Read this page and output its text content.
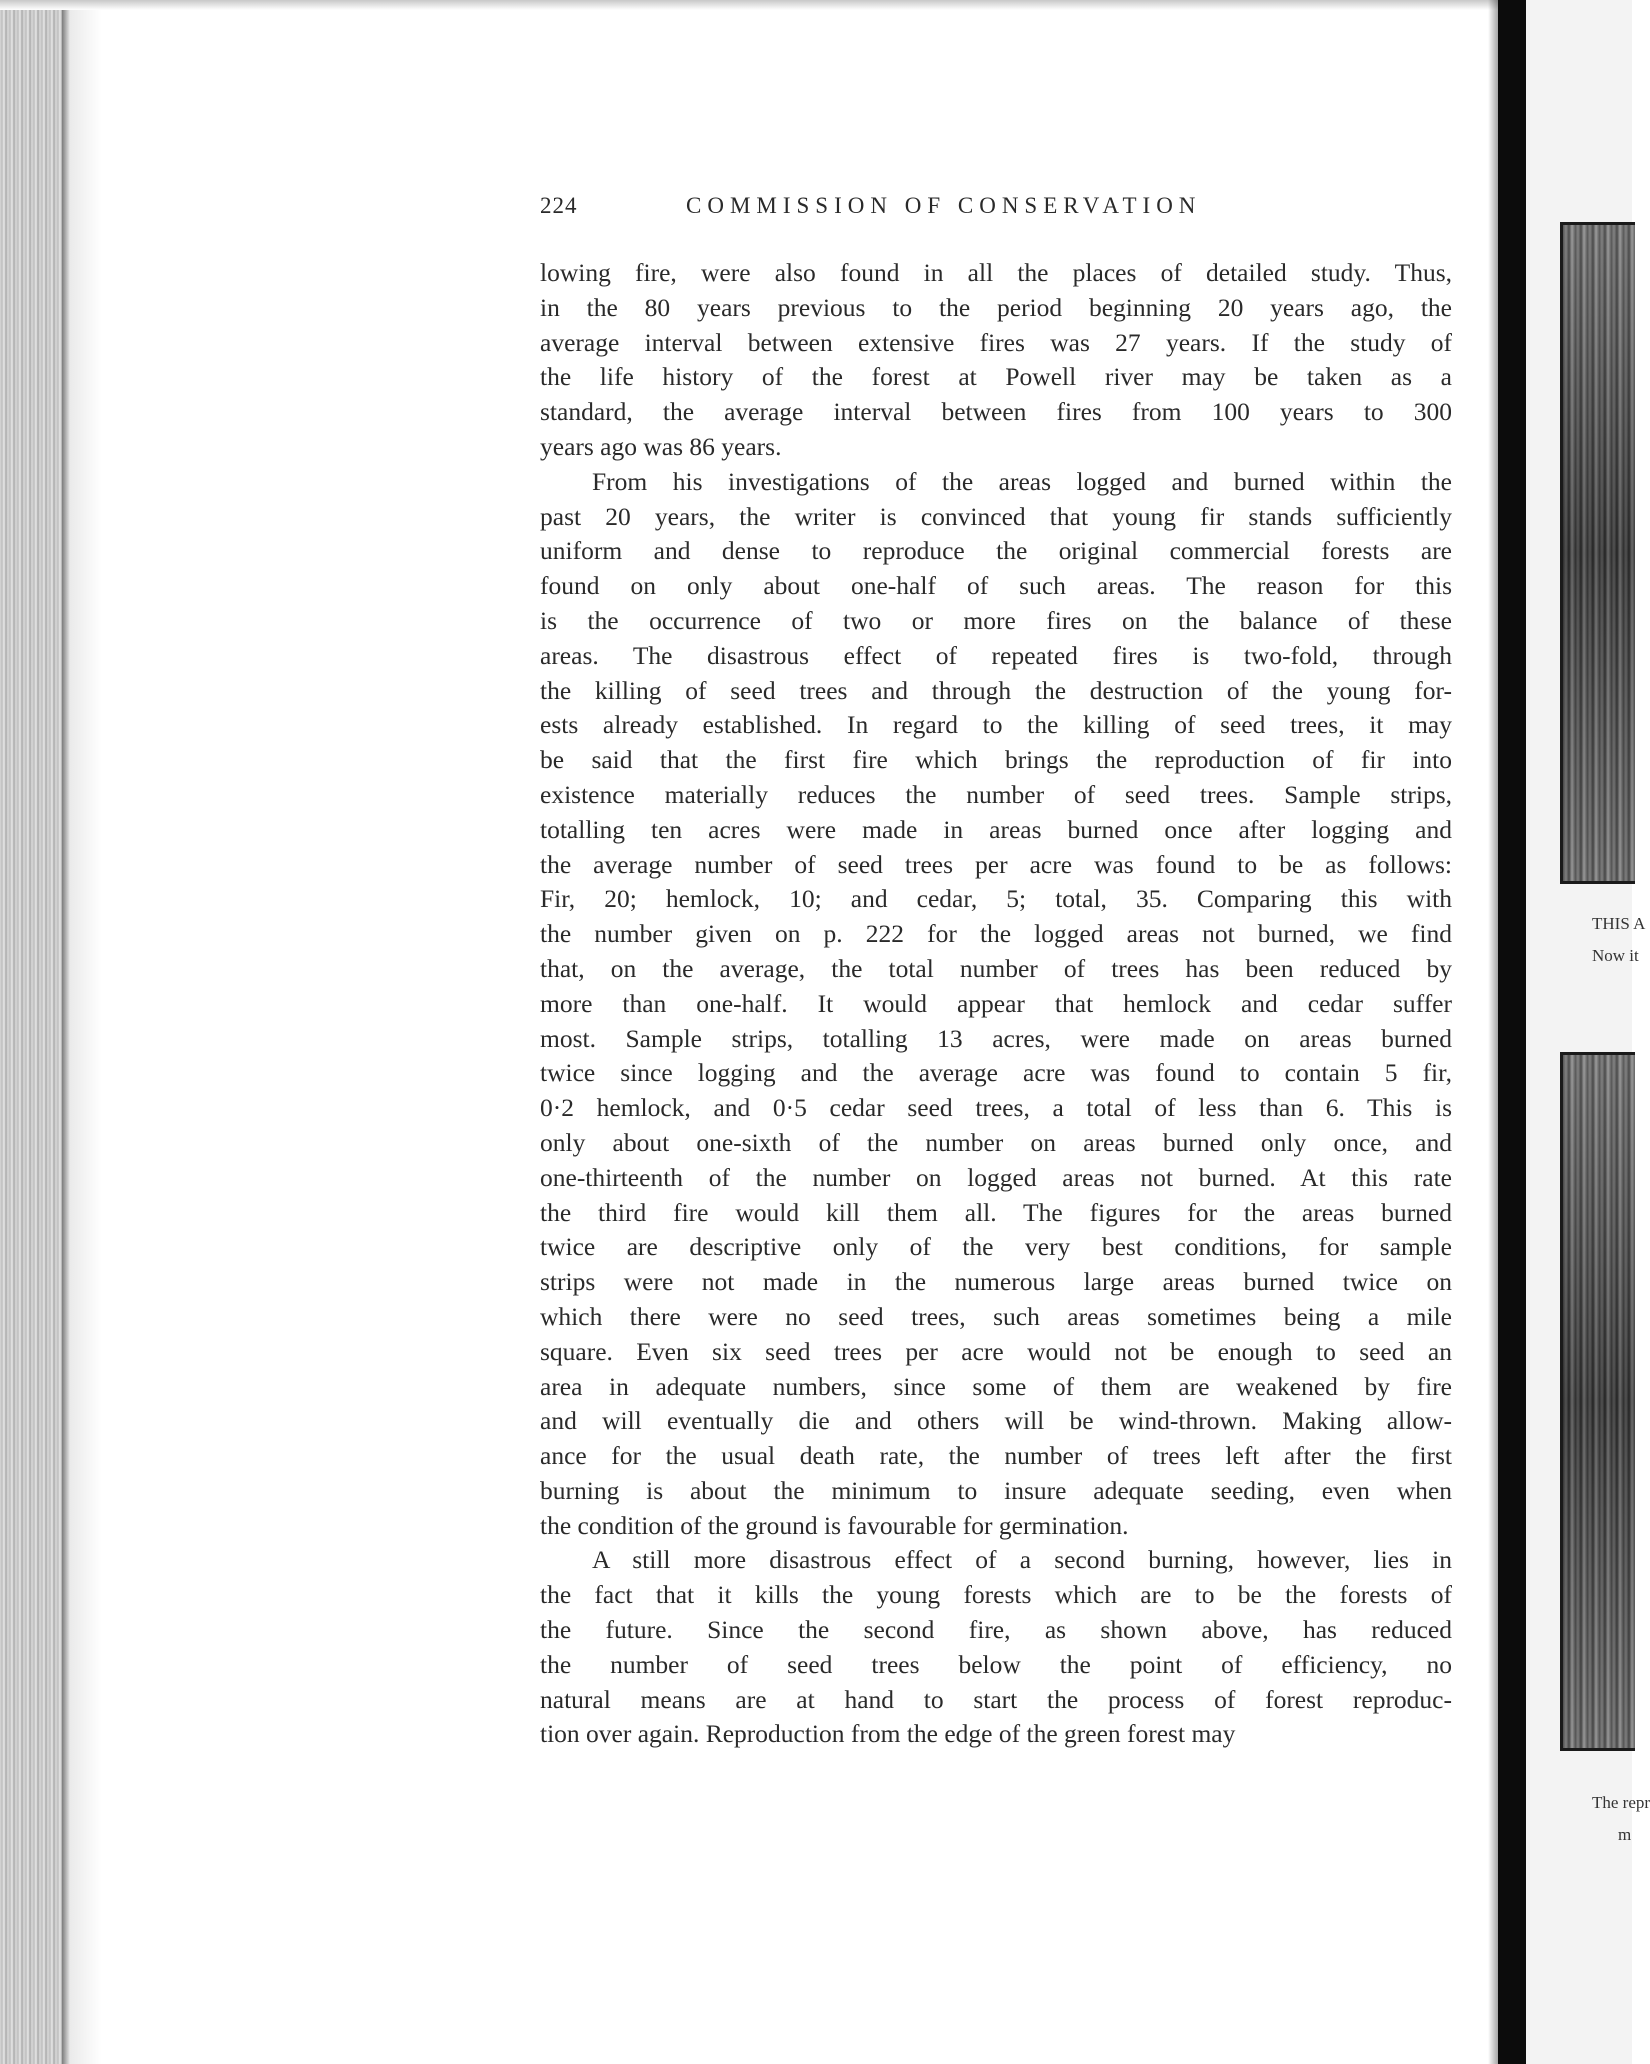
224	COMMISSION OF CONSERVATION
lowing fire, were also found in all the places of detailed study. Thus,
in the 80 years previous to the period beginning 20 years ago, the
average interval between extensive fires was 27 years. If the study of
the life history of the forest at Powell river may be taken as a
standard, the average interval between fires from 100 years to 300
years ago was 86 years.
From his investigations of the areas logged and burned within the
past 20 years, the writer is convinced that young fir stands sufficiently
uniform and dense to reproduce the original commercial forests are
found on only about one-half of such areas. The reason for this
is the occurrence of two or more fires on the balance of these
areas. The disastrous effect of repeated fires is two-fold, through
the killing of seed trees and through the destruction of the young for-
ests already established. In regard to the killing of seed trees, it may
be said that the first fire which brings the reproduction of fir into
existence materially reduces the number of seed trees. Sample strips,
totalling ten acres were made in areas burned once after logging and
the average number of seed trees per acre was found to be as follows:
Fir, 20; hemlock, 10; and cedar, 5; total, 35. Comparing this with
the number given on p. 222 for the logged areas not burned, we find
that, on the average, the total number of trees has been reduced by
more than one-half. It would appear that hemlock and cedar suffer
most. Sample strips, totalling 13 acres, were made on areas burned
twice since logging and the average acre was found to contain 5 fir,
0·2 hemlock, and 0·5 cedar seed trees, a total of less than 6. This is
only about one-sixth of the number on areas burned only once, and
one-thirteenth of the number on logged areas not burned. At this rate
the third fire would kill them all. The figures for the areas burned
twice are descriptive only of the very best conditions, for sample
strips were not made in the numerous large areas burned twice on
which there were no seed trees, such areas sometimes being a mile
square. Even six seed trees per acre would not be enough to seed an
area in adequate numbers, since some of them are weakened by fire
and will eventually die and others will be wind-thrown. Making allow-
ance for the usual death rate, the number of trees left after the first
burning is about the minimum to insure adequate seeding, even when
the condition of the ground is favourable for germination.
A still more disastrous effect of a second burning, however, lies in
the fact that it kills the young forests which are to be the forests of
the future. Since the second fire, as shown above, has reduced
the number of seed trees below the point of efficiency, no
natural means are at hand to start the process of forest reproduc-
tion over again. Reproduction from the edge of the green forest may
THIS A
Now it
The repr
m
